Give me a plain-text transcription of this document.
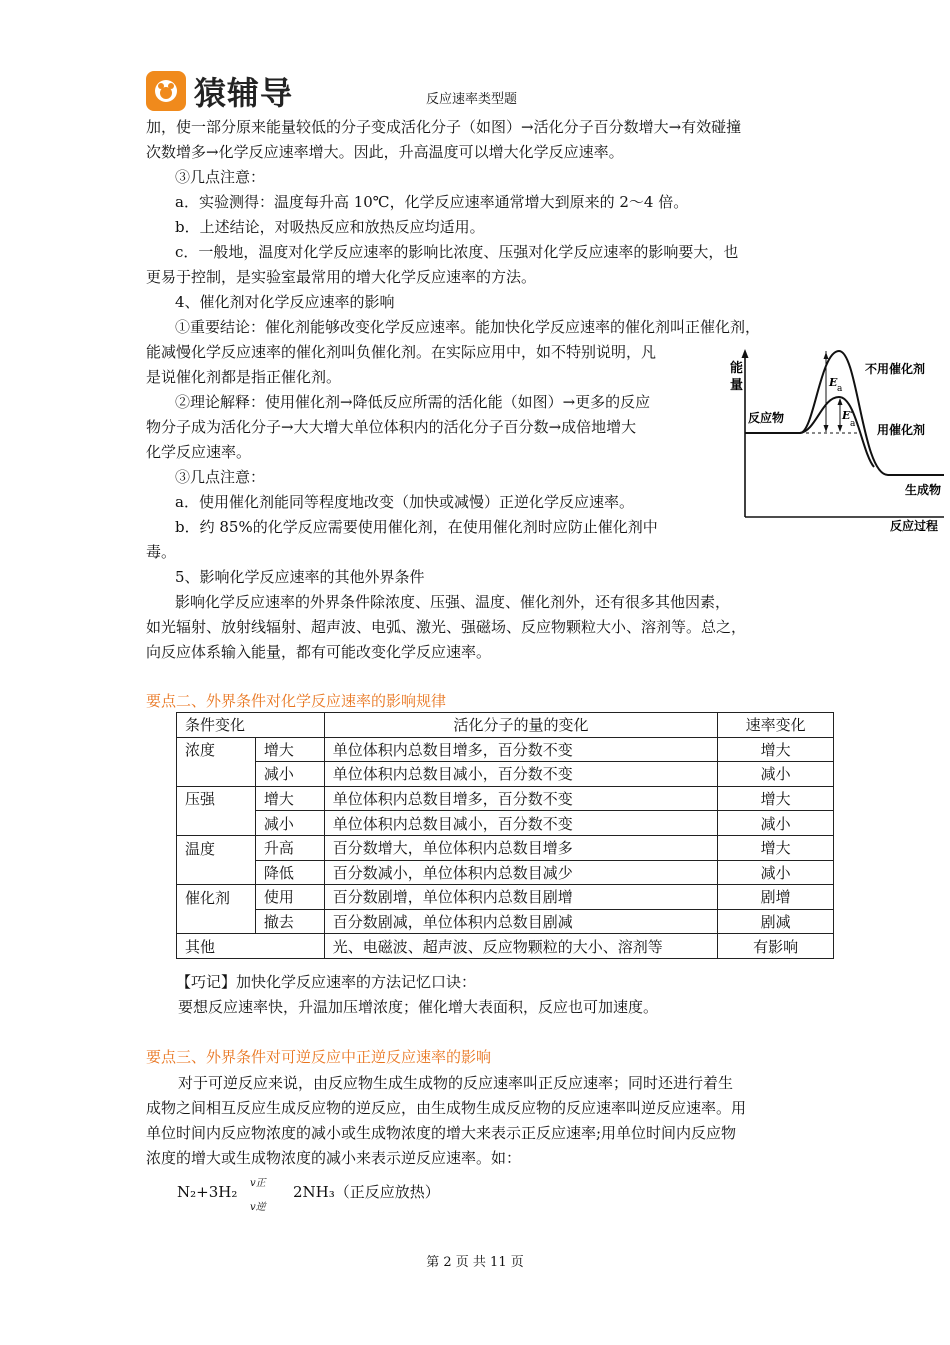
猿辅导	反应速率类型题
加，使一部分原来能量较低的分子变成活化分子（如图）→活化分子百分数增大→有效碰撞
次数增多→化学反应速率增大。因此，升高温度可以增大化学反应速率。
③几点注意：
a．实验测得：温度每升高 10℃，化学反应速率通常增大到原来的 2～4 倍。
b．上述结论，对吸热反应和放热反应均适用。
c．一般地，温度对化学反应速率的影响比浓度、压强对化学反应速率的影响要大，也
更易于控制，是实验室最常用的增大化学反应速率的方法。
4、催化剂对化学反应速率的影响
①重要结论：催化剂能够改变化学反应速率。能加快化学反应速率的催化剂叫正催化剂，
能减慢化学反应速率的催化剂叫负催化剂。在实际应用中，如不特别说明，凡
是说催化剂都是指正催化剂。
②理论解释：使用催化剂→降低反应所需的活化能（如图）→更多的反应
物分子成为活化分子→大大增大单位体积内的活化分子百分数→成倍地增大
化学反应速率。
③几点注意：
a．使用催化剂能同等程度地改变（加快或减慢）正逆化学反应速率。
b．约 85%的化学反应需要使用催化剂，在使用催化剂时应防止催化剂中
毒。
能
量
反应过程
E a
E′
a
反应物
生成物
不用催化剂
用催化剂
5、影响化学反应速率的其他外界条件
影响化学反应速率的外界条件除浓度、压强、温度、催化剂外，还有很多其他因素，
如光辐射、放射线辐射、超声波、电弧、激光、强磁场、反应物颗粒大小、溶剂等。总之，
向反应体系输入能量，都有可能改变化学反应速率。
要点二、外界条件对化学反应速率的影响规律
条件变化		活化分子的量的变化	速率变化
浓度	增大	单位体积内总数目增多，百分数不变	增大
	减小	单位体积内总数目减小，百分数不变	减小
压强	增大	单位体积内总数目增多，百分数不变	增大
	减小	单位体积内总数目减小，百分数不变	减小
温度	升高	百分数增大，单位体积内总数目增多	增大
	降低	百分数减小，单位体积内总数目减少	减小
催化剂	使用	百分数剧增，单位体积内总数目剧增	剧增
	撤去	百分数剧减，单位体积内总数目剧减	剧减
其他		光、电磁波、超声波、反应物颗粒的大小、溶剂等	有影响
【巧记】加快化学反应速率的方法记忆口诀：
要想反应速率快，升温加压增浓度；催化增大表面积，反应也可加速度。
要点三、外界条件对可逆反应中正逆反应速率的影响
对于可逆反应来说，由反应物生成生成物的反应速率叫正反应速率；同时还进行着生
成物之间相互反应生成反应物的逆反应，由生成物生成反应物的反应速率叫逆反应速率。用
单位时间内反应物浓度的减小或生成物浓度的增大来表示正反应速率;用单位时间内反应物
浓度的增大或生成物浓度的减小来表示逆反应速率。如：
N₂+3H₂ v正
v逆
2NH₃（正反应放热）
第 2 页 共 11 页
